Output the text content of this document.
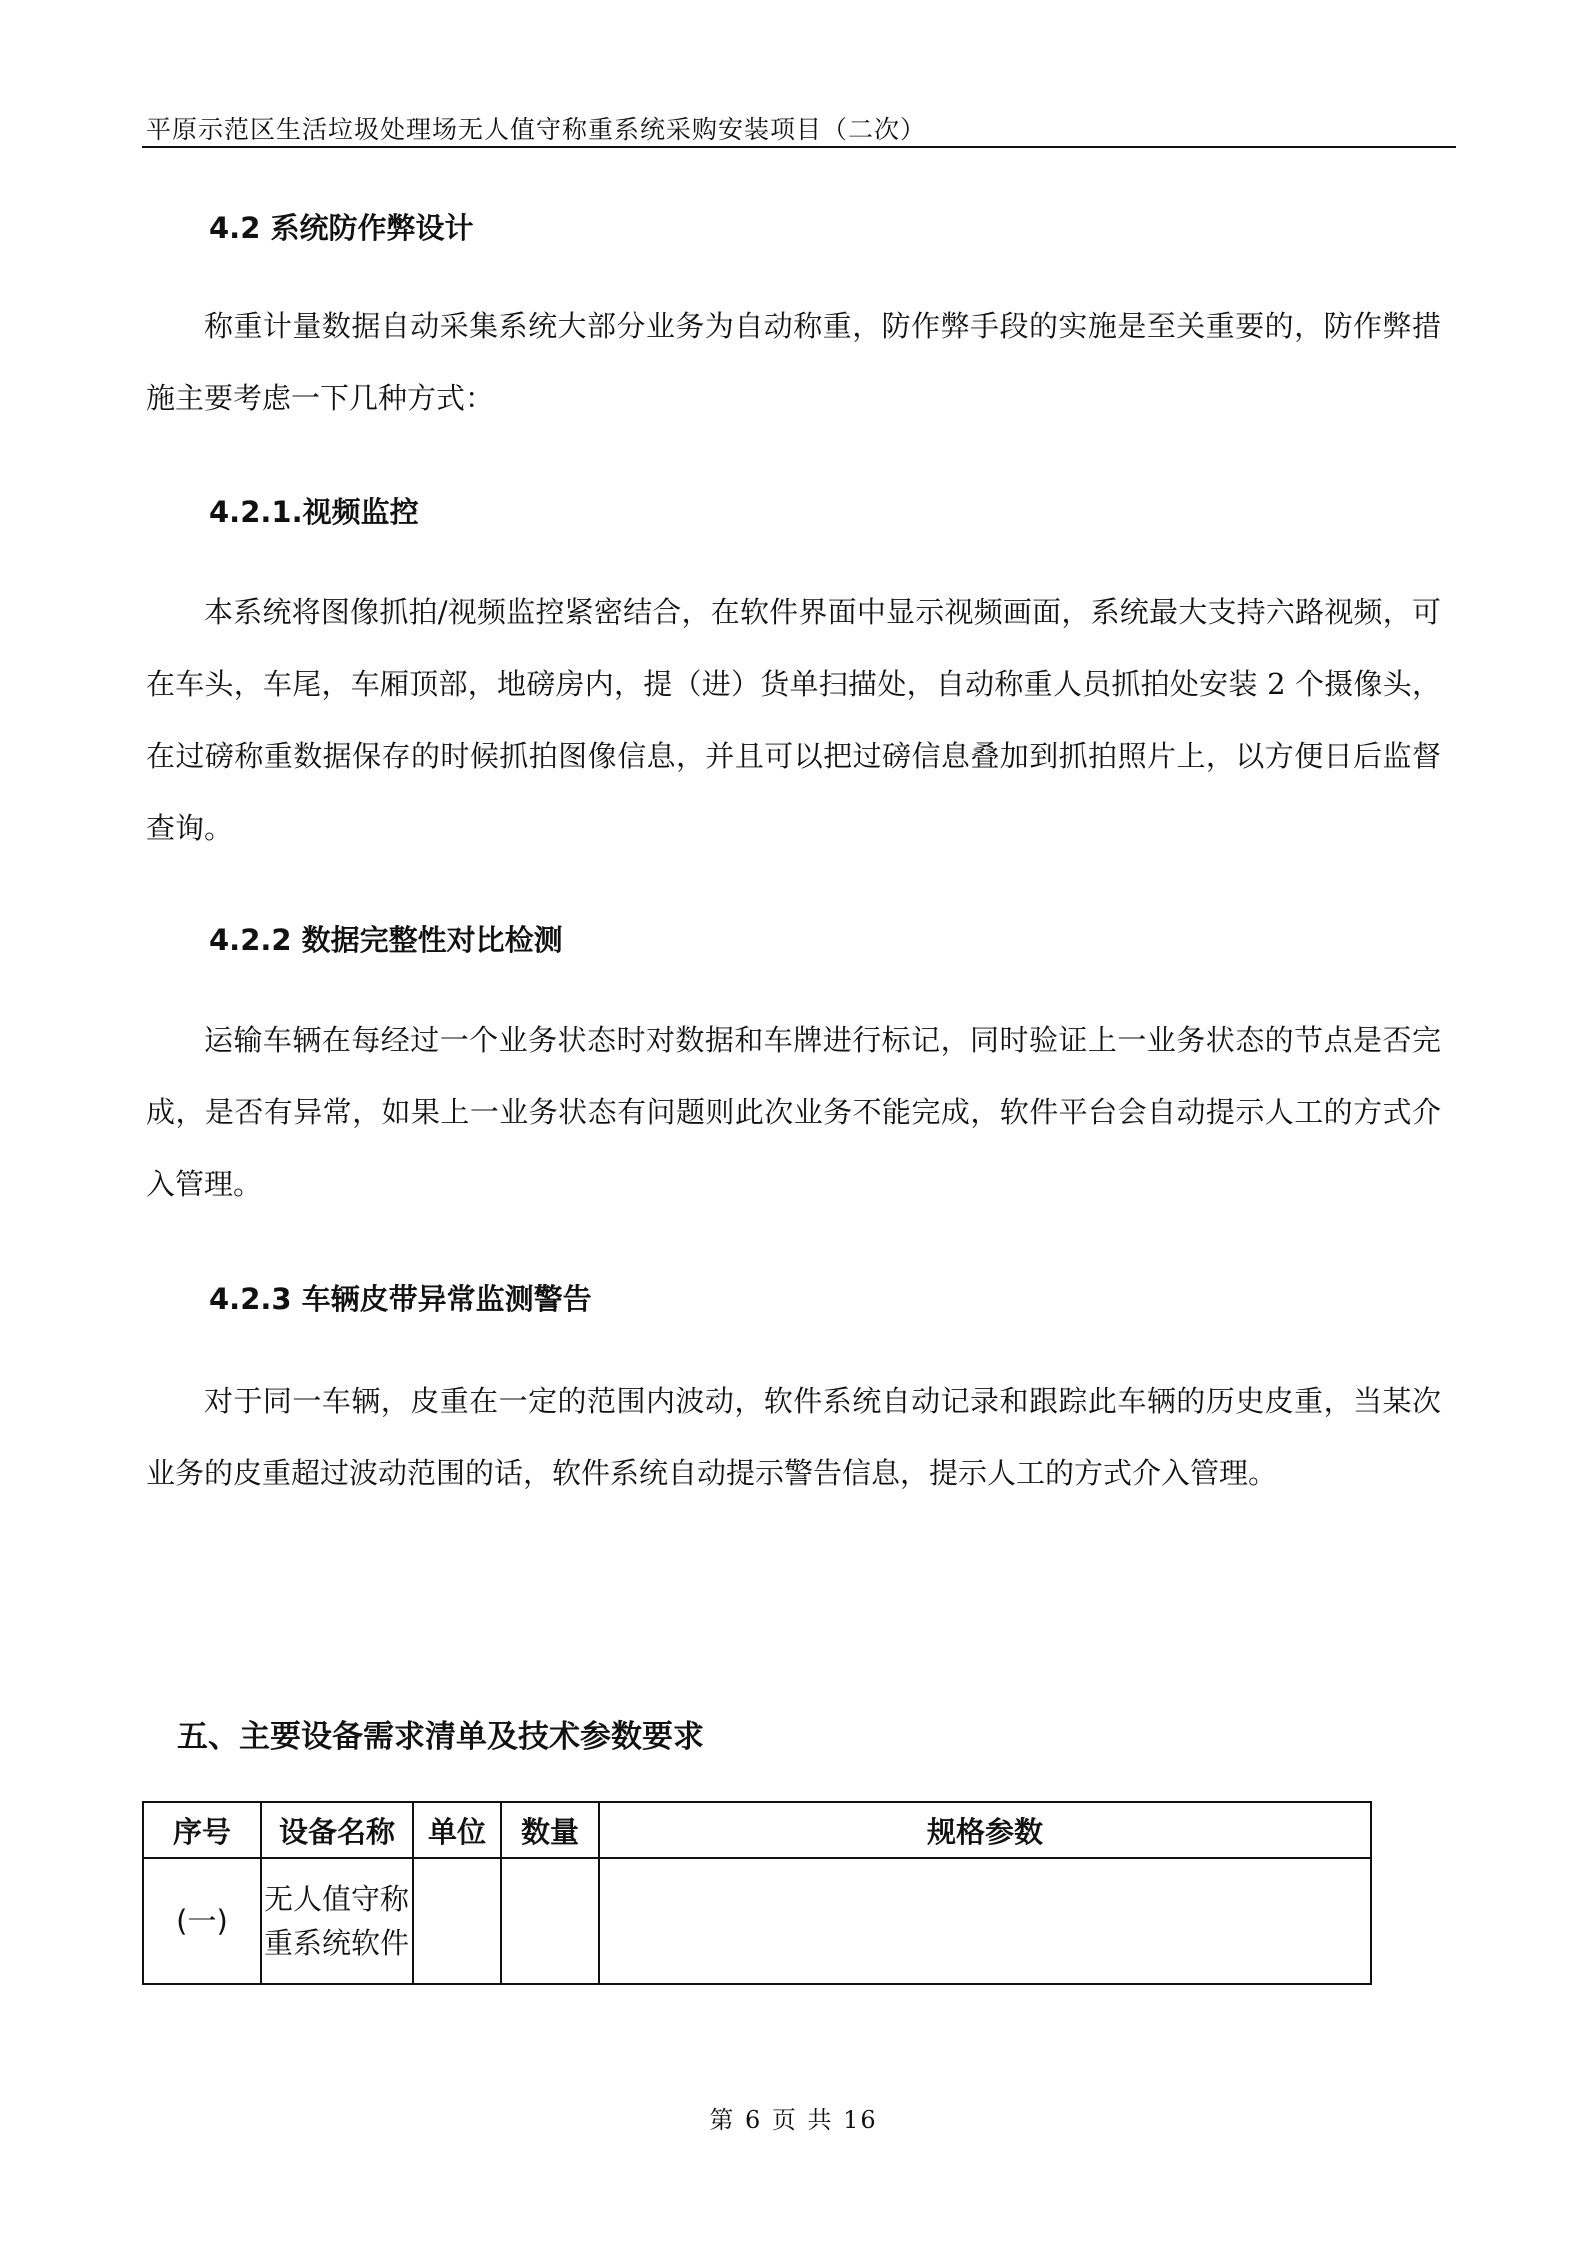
平原示范区生活垃圾处理场无人值守称重系统采购安装项目（二次）
4.2 系统防作弊设计

称重计量数据自动采集系统大部分业务为自动称重，防作弊手段的实施是至关重要的，防作弊措施主要考虑一下几种方式：

4.2.1.视频监控

本系统将图像抓拍/视频监控紧密结合，在软件界面中显示视频画面，系统最大支持六路视频，可在车头，车尾，车厢顶部，地磅房内，提（进）货单扫描处，自动称重人员抓拍处安装 2 个摄像头，在过磅称重数据保存的时候抓拍图像信息，并且可以把过磅信息叠加到抓拍照片上，以方便日后监督查询。

4.2.2 数据完整性对比检测

运输车辆在每经过一个业务状态时对数据和车牌进行标记，同时验证上一业务状态的节点是否完成，是否有异常，如果上一业务状态有问题则此次业务不能完成，软件平台会自动提示人工的方式介入管理。

4.2.3 车辆皮带异常监测警告

对于同一车辆，皮重在一定的范围内波动，软件系统自动记录和跟踪此车辆的历史皮重，当某次业务的皮重超过波动范围的话，软件系统自动提示警告信息，提示人工的方式介入管理。

五、主要设备需求清单及技术参数要求
序号	设备名称	单位	数量	规格参数
(一)	无人值守称
重系统软件			

第 6 页 共 16
